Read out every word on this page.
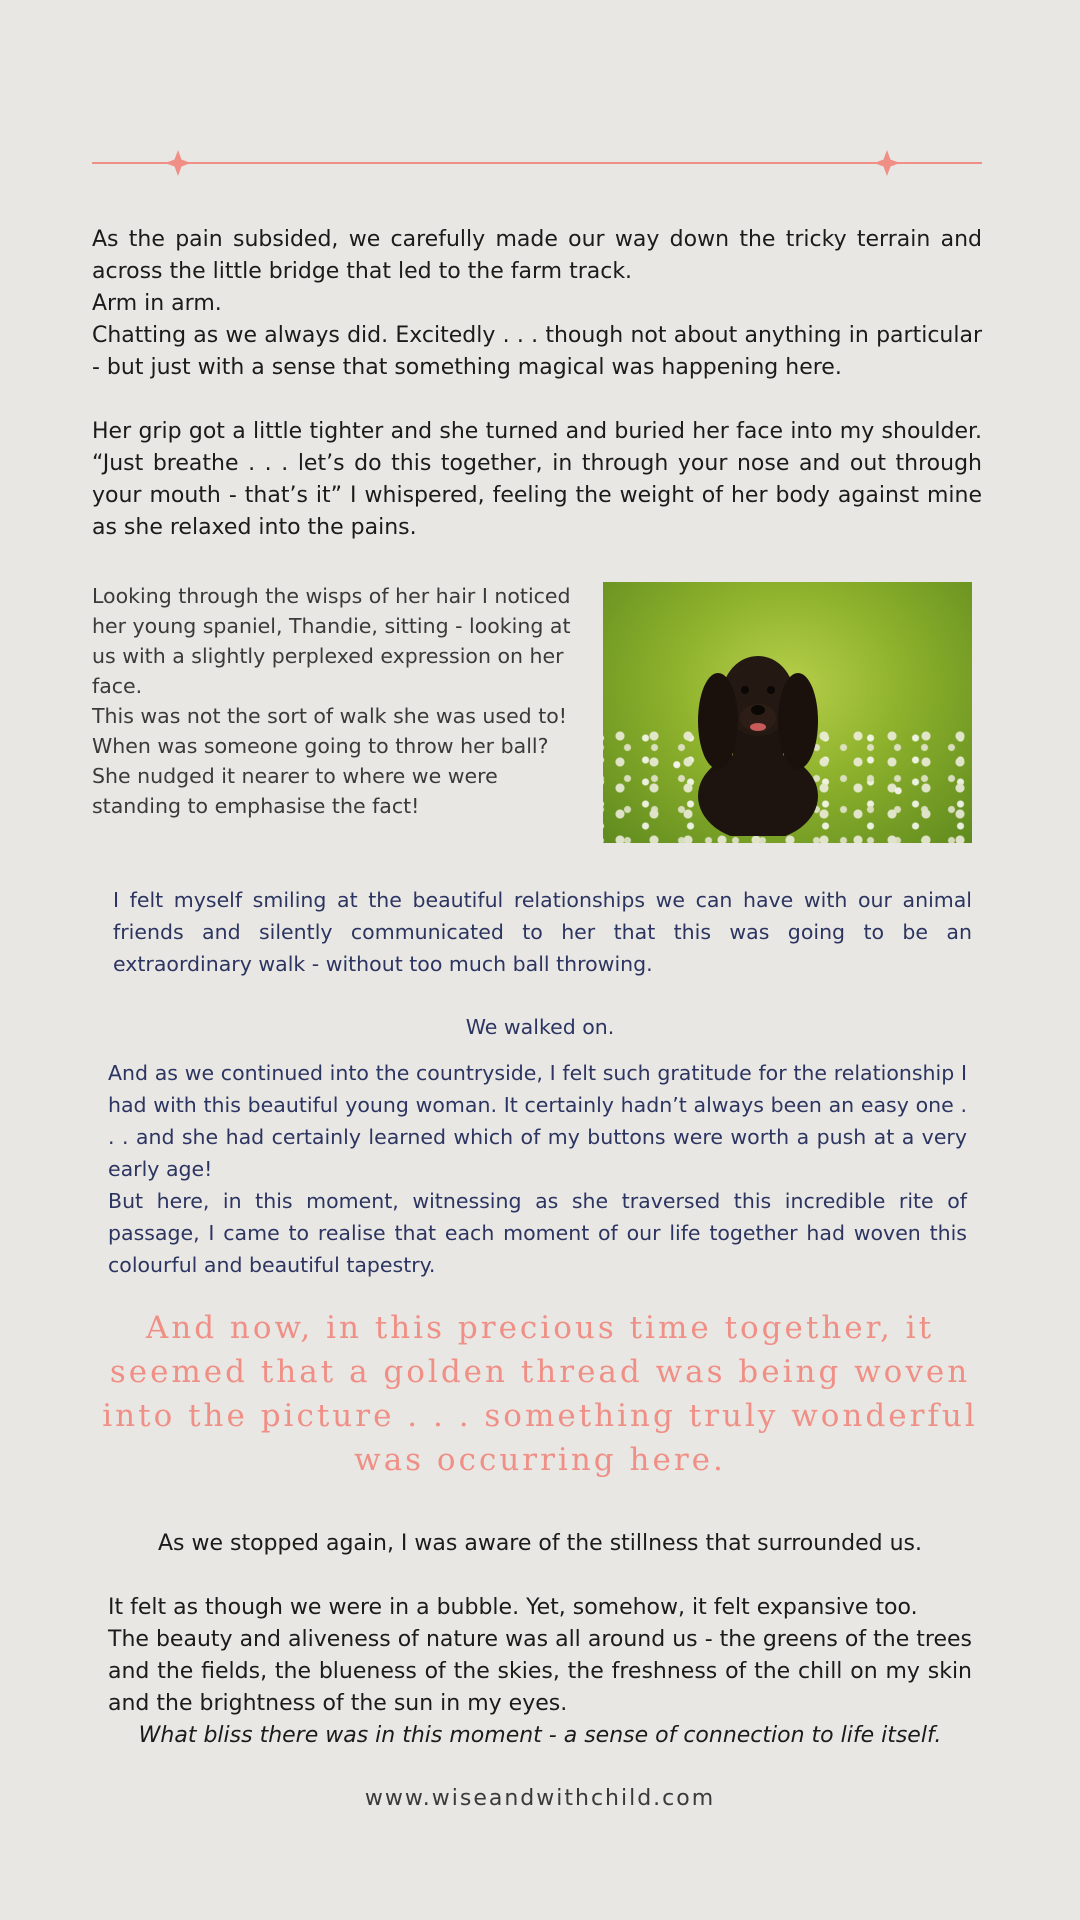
As the pain subsided, we carefully made our way down the tricky terrain and across the little bridge that led to the farm track.
Arm in arm.
Chatting as we always did. Excitedly . . . though not about anything in particular - but just with a sense that something magical was happening here.

Her grip got a little tighter and she turned and buried her face into my shoulder. “Just breathe . . . let’s do this together, in through your nose and out through your mouth - that’s it” I whispered, feeling the weight of her body against mine as she relaxed into the pains.

Looking through the wisps of her hair I noticed her young spaniel, Thandie, sitting - looking at us with a slightly perplexed expression on her face.
This was not the sort of walk she was used to!
When was someone going to throw her ball?
She nudged it nearer to where we were standing to emphasise the fact!

I felt myself smiling at the beautiful relationships we can have with our animal friends and silently communicated to her that this was going to be an extraordinary walk - without too much ball throwing.

We walked on.

And as we continued into the countryside, I felt such gratitude for the relationship I had with this beautiful young woman. It certainly hadn’t always been an easy one . . . and she had certainly learned which of my buttons were worth a push at a very early age!

But here, in this moment, witnessing as she traversed this incredible rite of passage, I came to realise that each moment of our life together had woven this colourful and beautiful tapestry.

And now, in this precious time together, it seemed that a golden thread was being woven into the picture . . . something truly wonderful was occurring here.

As we stopped again, I was aware of the stillness that surrounded us.

It felt as though we were in a bubble. Yet, somehow, it felt expansive too.
The beauty and aliveness of nature was all around us - the greens of the trees and the fields, the blueness of the skies, the freshness of the chill on my skin and the brightness of the sun in my eyes.

What bliss there was in this moment - a sense of connection to life itself.

www.wiseandwithchild.com
